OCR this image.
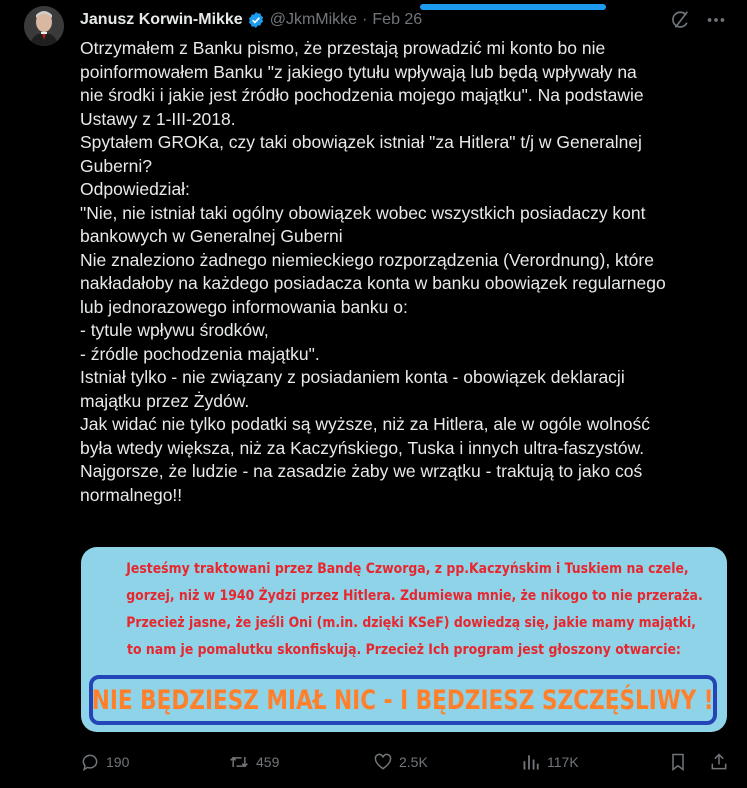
Janusz Korwin-Mikke @JkmMikke · Feb 26
Otrzymałem z Banku pismo, że przestają prowadzić mi konto bo nie
poinformowałem Banku "z jakiego tytułu wpływają lub będą wpływały na
nie środki i jakie jest źródło pochodzenia mojego majątku". Na podstawie
Ustawy z 1-III-2018.
Spytałem GROKa, czy taki obowiązek istniał "za Hitlera" t/j w Generalnej
Guberni?
Odpowiedział:
"Nie, nie istniał taki ogólny obowiązek wobec wszystkich posiadaczy kont
bankowych w Generalnej Guberni
Nie znaleziono żadnego niemieckiego rozporządzenia (Verordnung), które
nakładałoby na każdego posiadacza konta w banku obowiązek regularnego
lub jednorazowego informowania banku o:
- tytule wpływu środków,
- źródle pochodzenia majątku".
Istniał tylko - nie związany z posiadaniem konta - obowiązek deklaracji
majątku przez Żydów.
Jak widać nie tylko podatki są wyższe, niż za Hitlera, ale w ogóle wolność
była wtedy większa, niż za Kaczyńskiego, Tuska i innych ultra-faszystów.
Najgorsze, że ludzie - na zasadzie żaby we wrzątku - traktują to jako coś
normalnego!!
Jesteśmy traktowani przez Bandę Czworga, z pp.Kaczyńskim i Tuskiem na czele,
gorzej, niż w 1940 Żydzi przez Hitlera. Zdumiewa mnie, że nikogo to nie przeraża.
Przecież jasne, że jeśli Oni (m.in. dzięki KSeF) dowiedzą się, jakie mamy majątki,
to nam je pomalutku skonfiskują. Przecież Ich program jest głoszony otwarcie:
NIE BĘDZIESZ MIAŁ NIC - I BĘDZIESZ SZCZĘŚLIWY !
190	459	2.5K	117K
